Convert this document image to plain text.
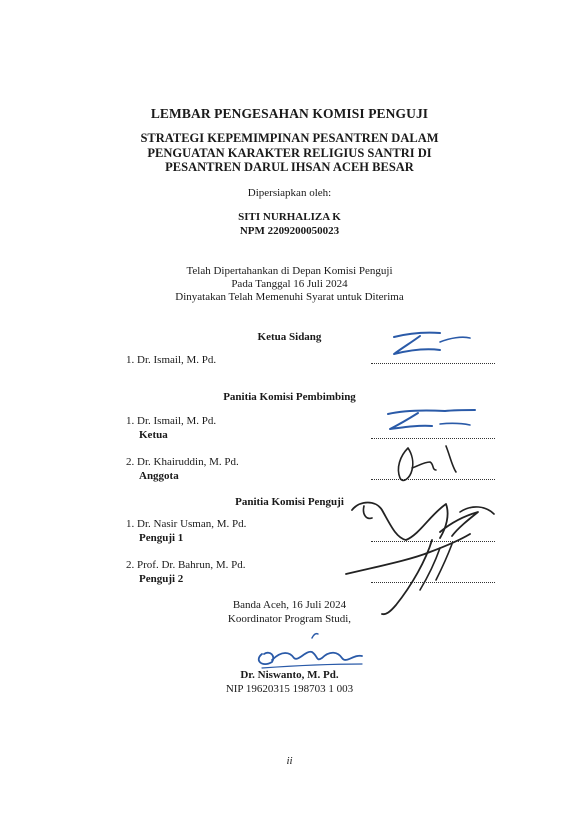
LEMBAR PENGESAHAN KOMISI PENGUJI
STRATEGI KEPEMIMPINAN PESANTREN DALAM
PENGUATAN KARAKTER RELIGIUS SANTRI DI
PESANTREN DARUL IHSAN ACEH BESAR
Dipersiapkan oleh:
SITI NURHALIZA K
NPM 2209200050023
Telah Dipertahankan di Depan Komisi Penguji
Pada Tanggal 16 Juli 2024
Dinyatakan Telah Memenuhi Syarat untuk Diterima
Ketua Sidang
1. Dr. Ismail, M. Pd.
Panitia Komisi Pembimbing
1. Dr. Ismail, M. Pd.
Ketua
2. Dr. Khairuddin, M. Pd.
Anggota
Panitia Komisi Penguji
1. Dr. Nasir Usman, M. Pd.
Penguji 1
2. Prof. Dr. Bahrun, M. Pd.
Penguji 2
Banda Aceh, 16 Juli 2024
Koordinator Program Studi,
Dr. Niswanto, M. Pd.
NIP 19620315 198703 1 003
ii
